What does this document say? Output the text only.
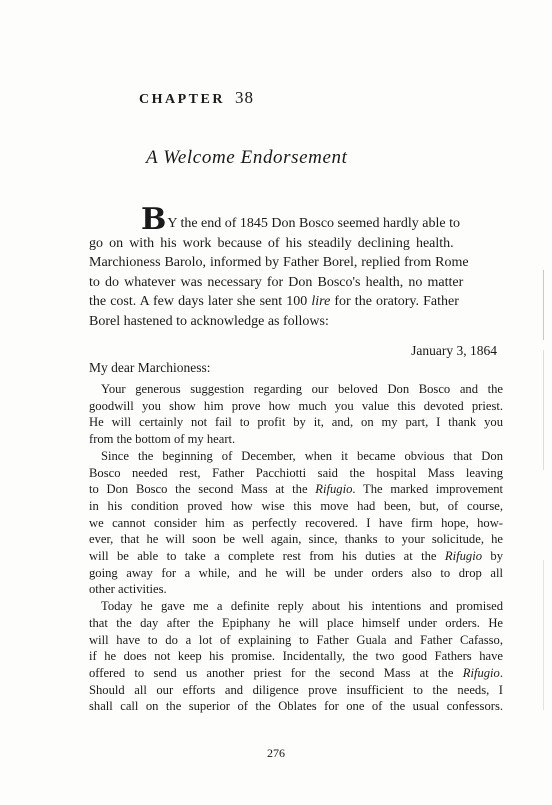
CHAPTER 38
A Welcome Endorsement
BY the end of 1845 Don Bosco seemed hardly able to
go on with his work because of his steadily declining health.
Marchioness Barolo, informed by Father Borel, replied from Rome
to do whatever was necessary for Don Bosco's health, no matter
the cost. A few days later she sent 100 lire for the oratory. Father
Borel hastened to acknowledge as follows:
January 3, 1864
My dear Marchioness:
Your generous suggestion regarding our beloved Don Bosco and the
goodwill you show him prove how much you value this devoted priest.
He will certainly not fail to profit by it, and, on my part, I thank you
from the bottom of my heart.
Since the beginning of December, when it became obvious that Don
Bosco needed rest, Father Pacchiotti said the hospital Mass leaving
to Don Bosco the second Mass at the Rifugio. The marked improvement
in his condition proved how wise this move had been, but, of course,
we cannot consider him as perfectly recovered. I have firm hope, how-
ever, that he will soon be well again, since, thanks to your solicitude, he
will be able to take a complete rest from his duties at the Rifugio by
going away for a while, and he will be under orders also to drop all
other activities.
Today he gave me a definite reply about his intentions and promised
that the day after the Epiphany he will place himself under orders. He
will have to do a lot of explaining to Father Guala and Father Cafasso,
if he does not keep his promise. Incidentally, the two good Fathers have
offered to send us another priest for the second Mass at the Rifugio.
Should all our efforts and diligence prove insufficient to the needs, I
shall call on the superior of the Oblates for one of the usual confessors.
276
